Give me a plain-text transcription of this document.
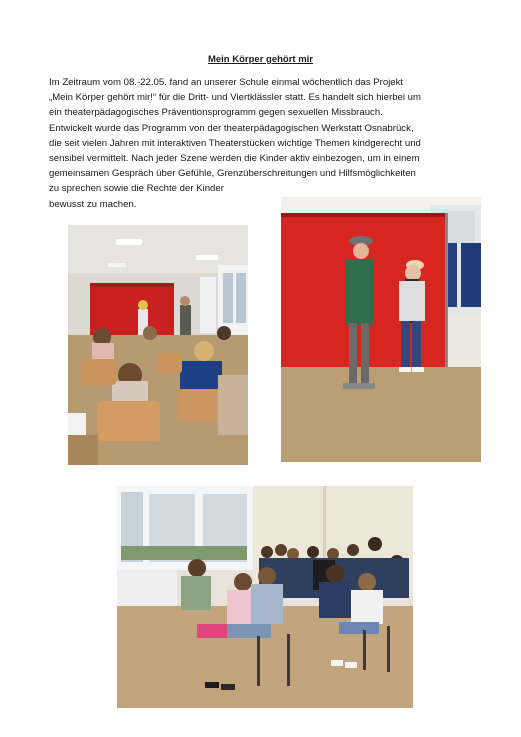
Mein Körper gehört mir
Im Zeitraum vom 08.-22.05. fand an unserer Schule einmal wöchentlich das Projekt
„Mein Körper gehört mir!“ für die Dritt- und Viertklässler statt. Es handelt sich hierbei um
ein theaterpädagogisches Präventionsprogramm gegen sexuellen Missbrauch.
Entwickelt wurde das Programm von der theaterpädagogischen Werkstatt Osnabrück,
die seit vielen Jahren mit interaktiven Theaterstücken wichtige Themen kindgerecht und
sensibel vermittelt. Nach jeder Szene werden die Kinder aktiv einbezogen, um in einem
gemeinsamen Gespräch über Gefühle, Grenzüberschreitungen und Hilfsmöglichkeiten
zu sprechen sowie die Rechte der Kinder
bewusst zu machen.
